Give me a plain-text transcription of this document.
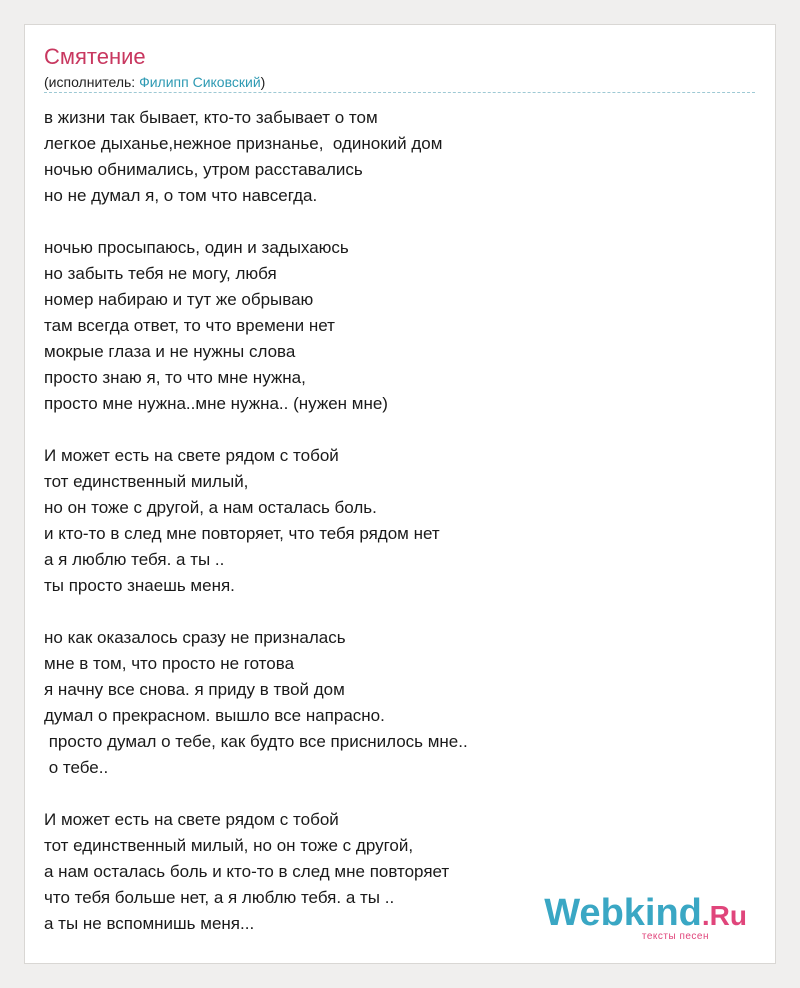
Смятение
(исполнитель: Филипп Сиковский)
в жизни так бывает, кто-то забывает о том
легкое дыханье,нежное признанье,  одинокий дом
ночью обнимались, утром расставались
но не думал я, о том что навсегда.
ночью просыпаюсь, один и задыхаюсь
но забыть тебя не могу, любя
номер набираю и тут же обрываю
там всегда ответ, то что времени нет
мокрые глаза и не нужны слова
просто знаю я, то что мне нужна,
просто мне нужна..мне нужна.. (нужен мне)
И может есть на свете рядом с тобой
тот единственный милый,
но он тоже с другой, а нам осталась боль.
и кто-то в след мне повторяет, что тебя рядом нет
а я люблю тебя. а ты ..
ты просто знаешь меня.
но как оказалось сразу не призналась
мне в том, что просто не готова
я начну все снова. я приду в твой дом
думал о прекрасном. вышло все напрасно.
просто думал о тебе, как будто все приснилось мне..
о тебе..
И может есть на свете рядом с тобой
тот единственный милый, но он тоже с другой,
а нам осталась боль и кто-то в след мне повторяет
что тебя больше нет, а я люблю тебя. а ты ..
а ты не вспомнишь меня...	Webkind.Ru
тексты песен
